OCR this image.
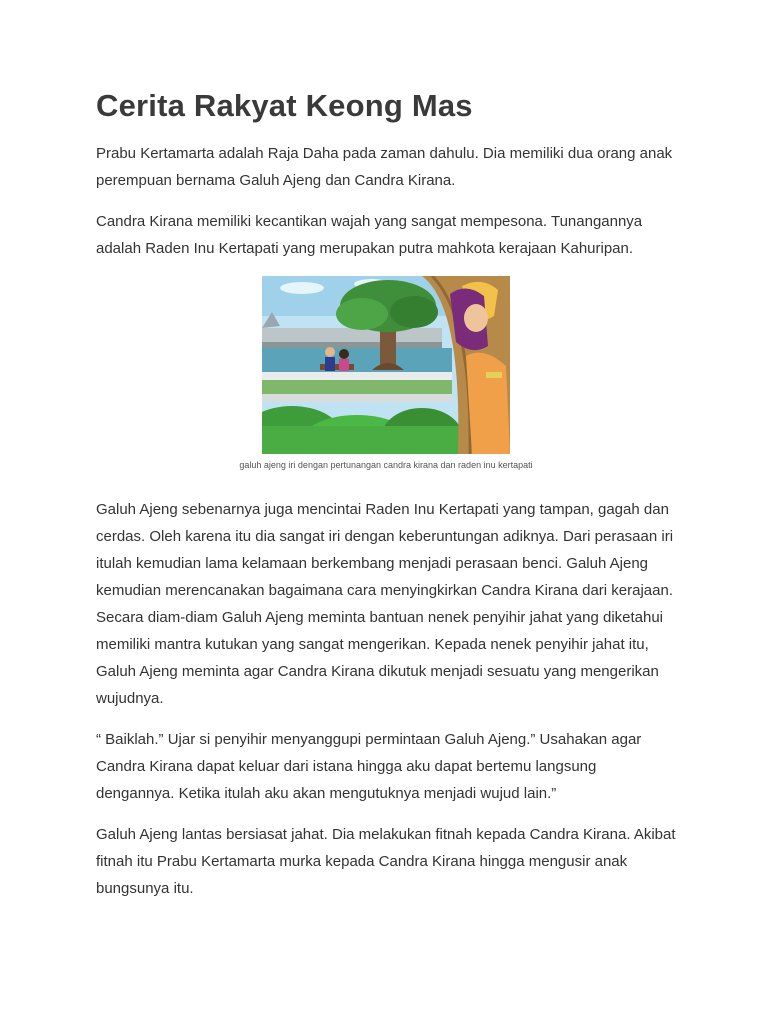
Cerita Rakyat Keong Mas

Prabu Kertamarta adalah Raja Daha pada zaman dahulu. Dia memiliki dua orang anak perempuan bernama Galuh Ajeng dan Candra Kirana.

Candra Kirana memiliki kecantikan wajah yang sangat mempesona. Tunangannya adalah Raden Inu Kertapati yang merupakan putra mahkota kerajaan Kahuripan.

galuh ajeng iri dengan pertunangan candra kirana dan raden inu kertapati

Galuh Ajeng sebenarnya juga mencintai Raden Inu Kertapati yang tampan, gagah dan cerdas. Oleh karena itu dia sangat iri dengan keberuntungan adiknya. Dari perasaan iri itulah kemudian lama kelamaan berkembang menjadi perasaan benci. Galuh Ajeng kemudian merencanakan bagaimana cara menyingkirkan Candra Kirana dari kerajaan. Secara diam-diam Galuh Ajeng meminta bantuan nenek penyihir jahat yang diketahui memiliki mantra kutukan yang sangat mengerikan. Kepada nenek penyihir jahat itu, Galuh Ajeng meminta agar Candra Kirana dikutuk menjadi sesuatu yang mengerikan wujudnya.

“ Baiklah.” Ujar si penyihir menyanggupi permintaan Galuh Ajeng.” Usahakan agar Candra Kirana dapat keluar dari istana hingga aku dapat bertemu langsung dengannya. Ketika itulah aku akan mengutuknya menjadi wujud lain.”

Galuh Ajeng lantas bersiasat jahat. Dia melakukan fitnah kepada Candra Kirana. Akibat fitnah itu Prabu Kertamarta murka kepada Candra Kirana hingga mengusir anak bungsunya itu.
